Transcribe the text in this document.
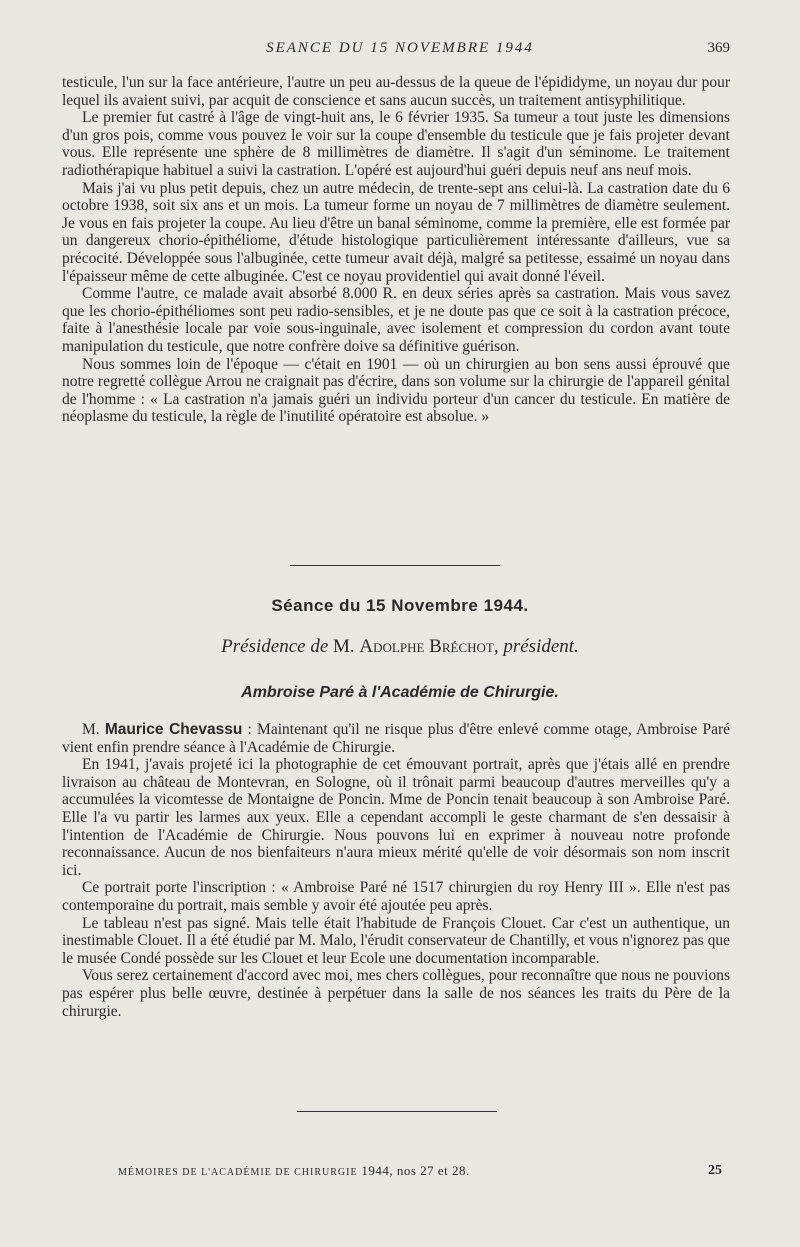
SEANCE DU 15 NOVEMBRE 1944	369

testicule, l'un sur la face antérieure, l'autre un peu au-dessus de la queue de l'épididyme, un noyau dur pour lequel ils avaient suivi, par acquit de conscience et sans aucun succès, un traitement antisyphilitique.

Le premier fut castré à l'âge de vingt-huit ans, le 6 février 1935. Sa tumeur a tout juste les dimensions d'un gros pois, comme vous pouvez le voir sur la coupe d'ensemble du testicule que je fais projeter devant vous. Elle représente une sphère de 8 millimètres de diamètre. Il s'agit d'un séminome. Le traitement radiothérapique habituel a suivi la castration. L'opéré est aujourd'hui guéri depuis neuf ans neuf mois.

Mais j'ai vu plus petit depuis, chez un autre médecin, de trente-sept ans celui-là. La castration date du 6 octobre 1938, soit six ans et un mois. La tumeur forme un noyau de 7 millimètres de diamètre seulement. Je vous en fais projeter la coupe. Au lieu d'être un banal séminome, comme la première, elle est formée par un dangereux chorio-épithéliome, d'étude histologique particulièrement intéressante d'ailleurs, vue sa précocité. Développée sous l'albuginée, cette tumeur avait déjà, malgré sa petitesse, essaimé un noyau dans l'épaisseur même de cette albuginée. C'est ce noyau providentiel qui avait donné l'éveil.

Comme l'autre, ce malade avait absorbé 8.000 R. en deux séries après sa castration. Mais vous savez que les chorio-épithéliomes sont peu radio-sensibles, et je ne doute pas que ce soit à la castration précoce, faite à l'anesthésie locale par voie sous-inguinale, avec isolement et compression du cordon avant toute manipulation du testicule, que notre confrère doive sa définitive guérison.

Nous sommes loin de l'époque — c'était en 1901 — où un chirurgien au bon sens aussi éprouvé que notre regretté collègue Arrou ne craignait pas d'écrire, dans son volume sur la chirurgie de l'appareil génital de l'homme : « La castration n'a jamais guéri un individu porteur d'un cancer du testicule. En matière de néoplasme du testicule, la règle de l'inutilité opératoire est absolue. »

Séance du 15 Novembre 1944.
Présidence de M. Adolphe Bréchot, président.
Ambroise Paré à l'Académie de Chirurgie.

M. Maurice Chevassu : Maintenant qu'il ne risque plus d'être enlevé comme otage, Ambroise Paré vient enfin prendre séance à l'Académie de Chirurgie.

En 1941, j'avais projeté ici la photographie de cet émouvant portrait, après que j'étais allé en prendre livraison au château de Montevran, en Sologne, où il trônait parmi beaucoup d'autres merveilles qu'y a accumulées la vicomtesse de Montaigne de Poncin. Mme de Poncin tenait beaucoup à son Ambroise Paré. Elle l'a vu partir les larmes aux yeux. Elle a cependant accompli le geste charmant de s'en dessaisir à l'intention de l'Académie de Chirurgie. Nous pouvons lui en exprimer à nouveau notre profonde reconnaissance. Aucun de nos bienfaiteurs n'aura mieux mérité qu'elle de voir désormais son nom inscrit ici.

Ce portrait porte l'inscription : « Ambroise Paré né 1517 chirurgien du roy Henry III ». Elle n'est pas contemporaine du portrait, mais semble y avoir été ajoutée peu après.

Le tableau n'est pas signé. Mais telle était l'habitude de François Clouet. Car c'est un authentique, un inestimable Clouet. Il a été étudié par M. Malo, l'érudit conservateur de Chantilly, et vous n'ignorez pas que le musée Condé possède sur les Clouet et leur Ecole une documentation incomparable.

Vous serez certainement d'accord avec moi, mes chers collègues, pour reconnaître que nous ne pouvions pas espérer plus belle œuvre, destinée à perpétuer dans la salle de nos séances les traits du Père de la chirurgie.

MÉMOIRES DE L'ACADÉMIE DE CHIRURGIE 1944, nos 27 et 28.	25
